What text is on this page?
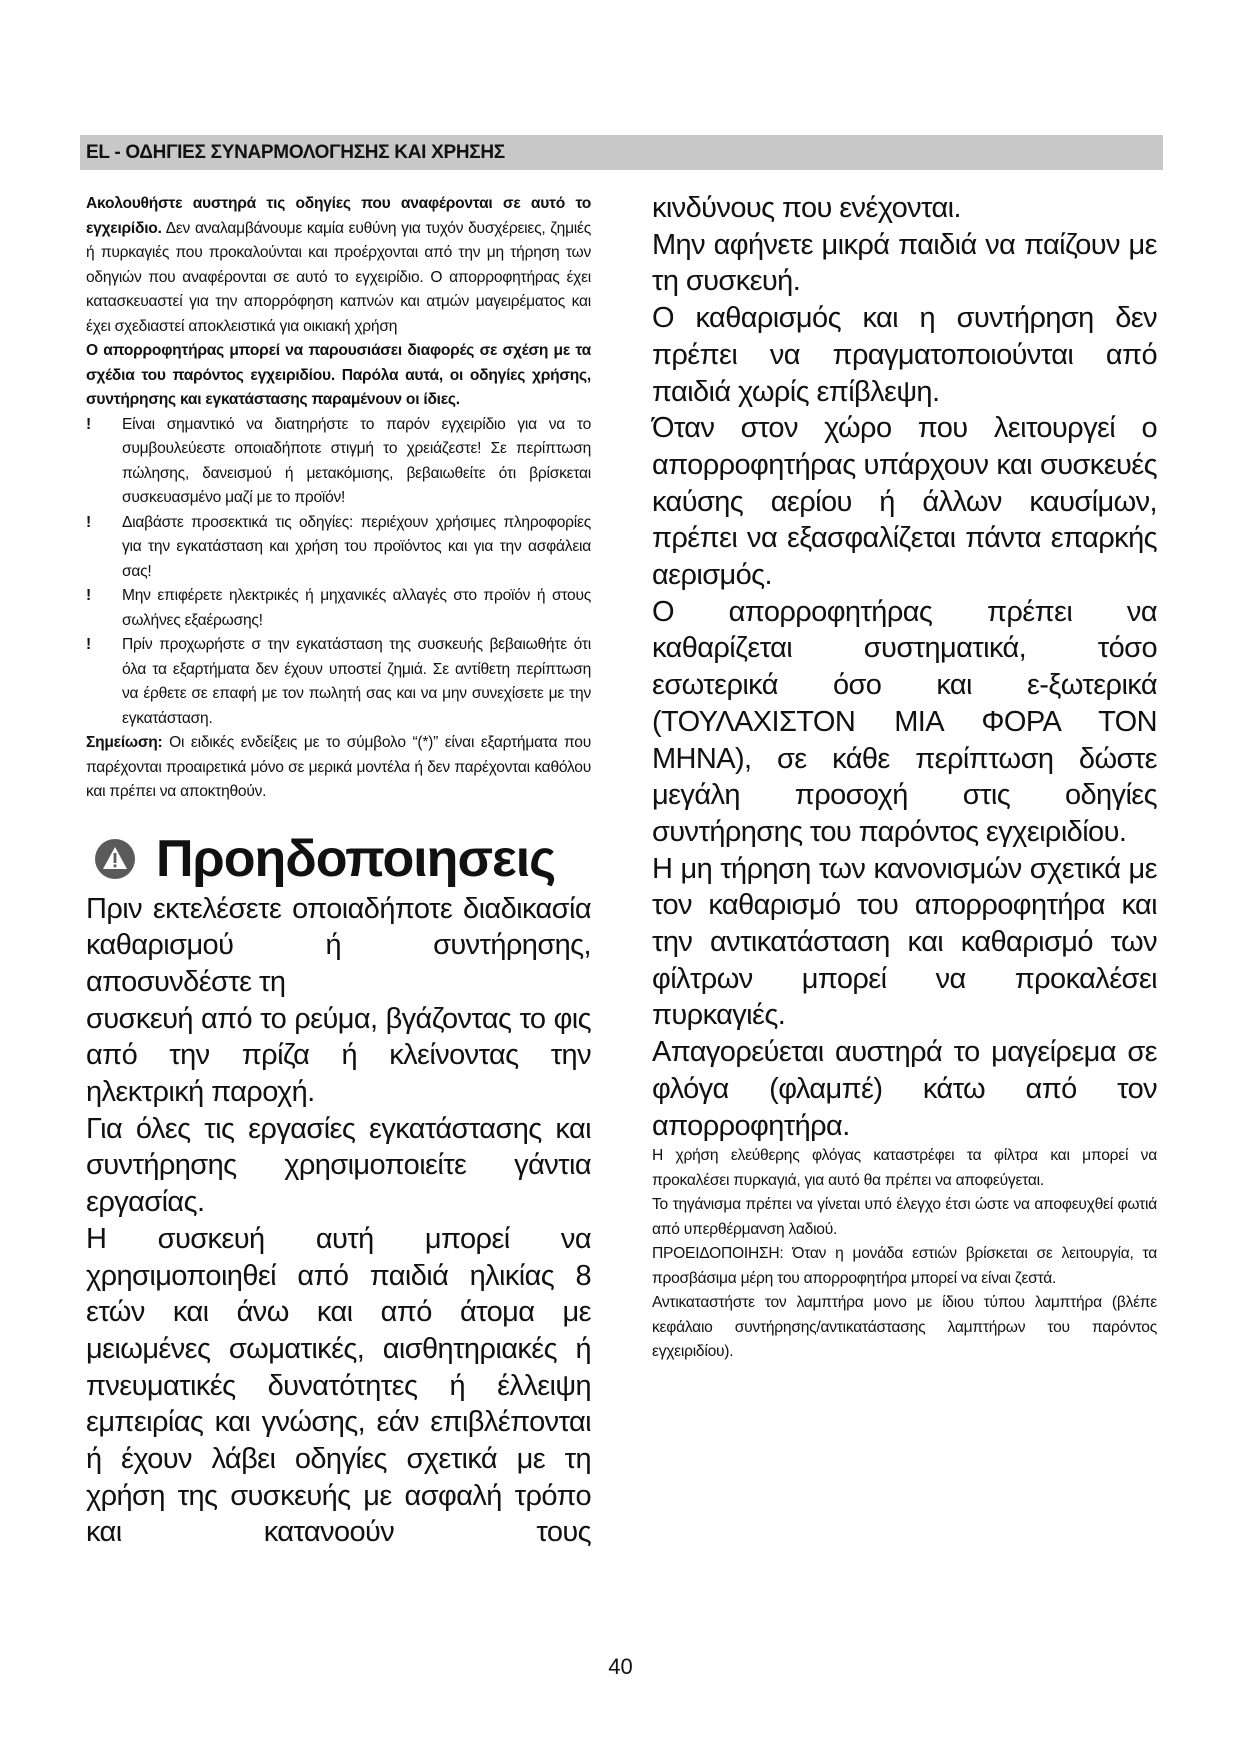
EL - ΟΔΗΓΙΕΣ ΣΥΝΑΡΜΟΛΟΓΗΣΗΣ ΚΑΙ ΧΡΗΣΗΣ

Ακολουθήστε αυστηρά τις οδηγίες που αναφέρονται σε αυτό το εγχειρίδιο. Δεν αναλαμβάνουμε καμία ευθύνη για τυχόν δυσχέρειες, ζημιές ή πυρκαγιές που προκαλούνται και προέρχονται από την μη τήρηση των οδηγιών που αναφέρονται σε αυτό το εγχειρίδιο. Ο απορροφητήρας έχει κατασκευαστεί για την απορρόφηση καπνών και ατμών μαγειρέματος και έχει σχεδιαστεί αποκλειστικά για οικιακή χρήση

Ο απορροφητήρας μπορεί να παρουσιάσει διαφορές σε σχέση με τα σχέδια του παρόντος εγχειριδίου. Παρόλα αυτά, οι οδηγίες χρήσης, συντήρησης και εγκατάστασης παραμένουν οι ίδιες.

!	Είναι σημαντικό να διατηρήστε το παρόν εγχειρίδιο για να το συμβουλεύεστε οποιαδήποτε στιγμή το χρειάζεστε! Σε περίπτωση πώλησης, δανεισμού ή μετακόμισης, βεβαιωθείτε ότι βρίσκεται συσκευασμένο μαζί με το προϊόν!
!	Διαβάστε προσεκτικά τις οδηγίες: περιέχουν χρήσιμες πληροφορίες για την εγκατάσταση και χρήση του προϊόντος και για την ασφάλεια σας!
!	Μην επιφέρετε ηλεκτρικές ή μηχανικές αλλαγές στο προϊόν ή στους σωλήνες εξαέρωσης!
!	Πρίν προχωρήστε σ την εγκατάσταση της συσκευής βεβαιωθήτε ότι όλα τα εξαρτήματα δεν έχουν υποστεί ζημιά. Σε αντίθετη περίπτωση να έρθετε σε επαφή με τον πωλητή σας και να μην συνεχίσετε με την εγκατάσταση.

Σημείωση: Οι ειδικές ενδείξεις με το σύμβολο “(*)” είναι εξαρτήματα που παρέχονται προαιρετικά μόνο σε μερικά μοντέλα ή δεν παρέχονται καθόλου και πρέπει να αποκτηθούν.

Προηδοποιησεις

Πριν εκτελέσετε οποιαδήποτε διαδικασία καθαρισμού ή συντήρησης, αποσυνδέστε τη

συσκευή από το ρεύμα, βγάζοντας το φις από την πρίζα ή κλείνοντας την ηλεκτρική παροχή.

Για όλες τις εργασίες εγκατάστασης και συντήρησης χρησιμοποιείτε γάντια εργασίας.

Η συσκευή αυτή μπορεί να χρησιμοποιηθεί από παιδιά ηλικίας 8 ετών και άνω και από άτομα με μειωμένες σωματικές, αισθητηριακές ή πνευματικές δυνατότητες ή έλλειψη εμπειρίας και γνώσης, εάν επιβλέπονται ή έχουν λάβει οδηγίες σχετικά με τη χρήση της συσκευής με ασφαλή τρόπο και κατανοούν τους

κινδύνους που ενέχονται.

Μην αφήνετε μικρά παιδιά να παίζουν με τη συσκευή.

Ο καθαρισμός και η συντήρηση δεν πρέπει να πραγματοποιούνται από παιδιά χωρίς επίβλεψη.

Όταν στον χώρο που λειτουργεί ο απορροφητήρας υπάρχουν και συσκευές καύσης αερίου ή άλλων καυσίμων, πρέπει να εξασφαλίζεται πάντα επαρκής αερισμός.

Ο απορροφητήρας πρέπει να καθαρίζεται συστηματικά, τόσο εσωτερικά όσο και ε-ξωτερικά (ΤΟΥΛΑΧΙΣΤΟΝ ΜΙΑ ΦΟΡΑ ΤΟΝ ΜΗΝΑ), σε κάθε περίπτωση δώστε μεγάλη προσοχή στις οδηγίες συντήρησης του παρόντος εγχειριδίου.

Η μη τήρηση των κανονισμών σχετικά με τον καθαρισμό του απορροφητήρα και την αντικατάσταση και καθαρισμό των φίλτρων μπορεί να προκαλέσει πυρκαγιές.

Απαγορεύεται αυστηρά το μαγείρεμα σε φλόγα (φλαμπέ) κάτω από τον απορροφητήρα.

Η χρήση ελεύθερης φλόγας καταστρέφει τα φίλτρα και μπορεί να προκαλέσει πυρκαγιά, για αυτό θα πρέπει να αποφεύγεται.

Το τηγάνισμα πρέπει να γίνεται υπό έλεγχο έτσι ώστε να αποφευχθεί φωτιά από υπερθέρμανση λαδιού.

ΠΡΟΕΙΔΟΠΟΙΗΣΗ: Όταν η μονάδα εστιών βρίσκεται σε λειτουργία, τα προσβάσιμα μέρη του απορροφητήρα μπορεί να είναι ζεστά.

Αντικαταστήστε τον λαμπτήρα μονο με ίδιου τύπου λαμπτήρα (βλέπε κεφάλαιο συντήρησης/αντικατάστασης λαμπτήρων του παρόντος εγχειριδίου).

40
